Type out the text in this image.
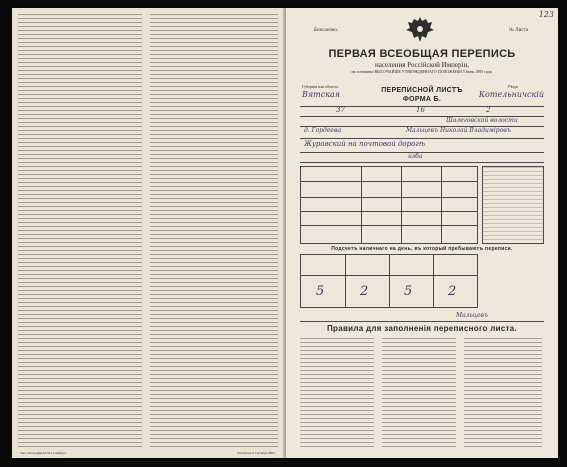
Типо-литография М. М. Гутенберга.	Отпечатано 6 Сентября 1896 г.
123
Безплатно.	№ Листа
ПЕРВАЯ ВСЕОБЩАЯ ПЕРЕПИСЬ
населения Россійской Имперіи,
на основаніи ВЫСОЧАЙШЕ УТВЕРЖДЕННАГО ПОЛОЖЕНІЯ 5 Іюня 1895 года.
Губернія или область
Вятская
Уѣздъ
Котельничскій
ПЕРЕПИСНОЙ ЛИСТЪ
ФОРМА Б.
37	16	2
Шалеговской волости
д. Гордеева	Мальцевъ Николай Владиміровъ
Журавский на почтовой дорогѣ
изба
Подсчетъ наличнаго на день, въ который пребываютъ переписи.
5	2	5	2
Мальцевъ
Правила для заполненія переписного листа.
